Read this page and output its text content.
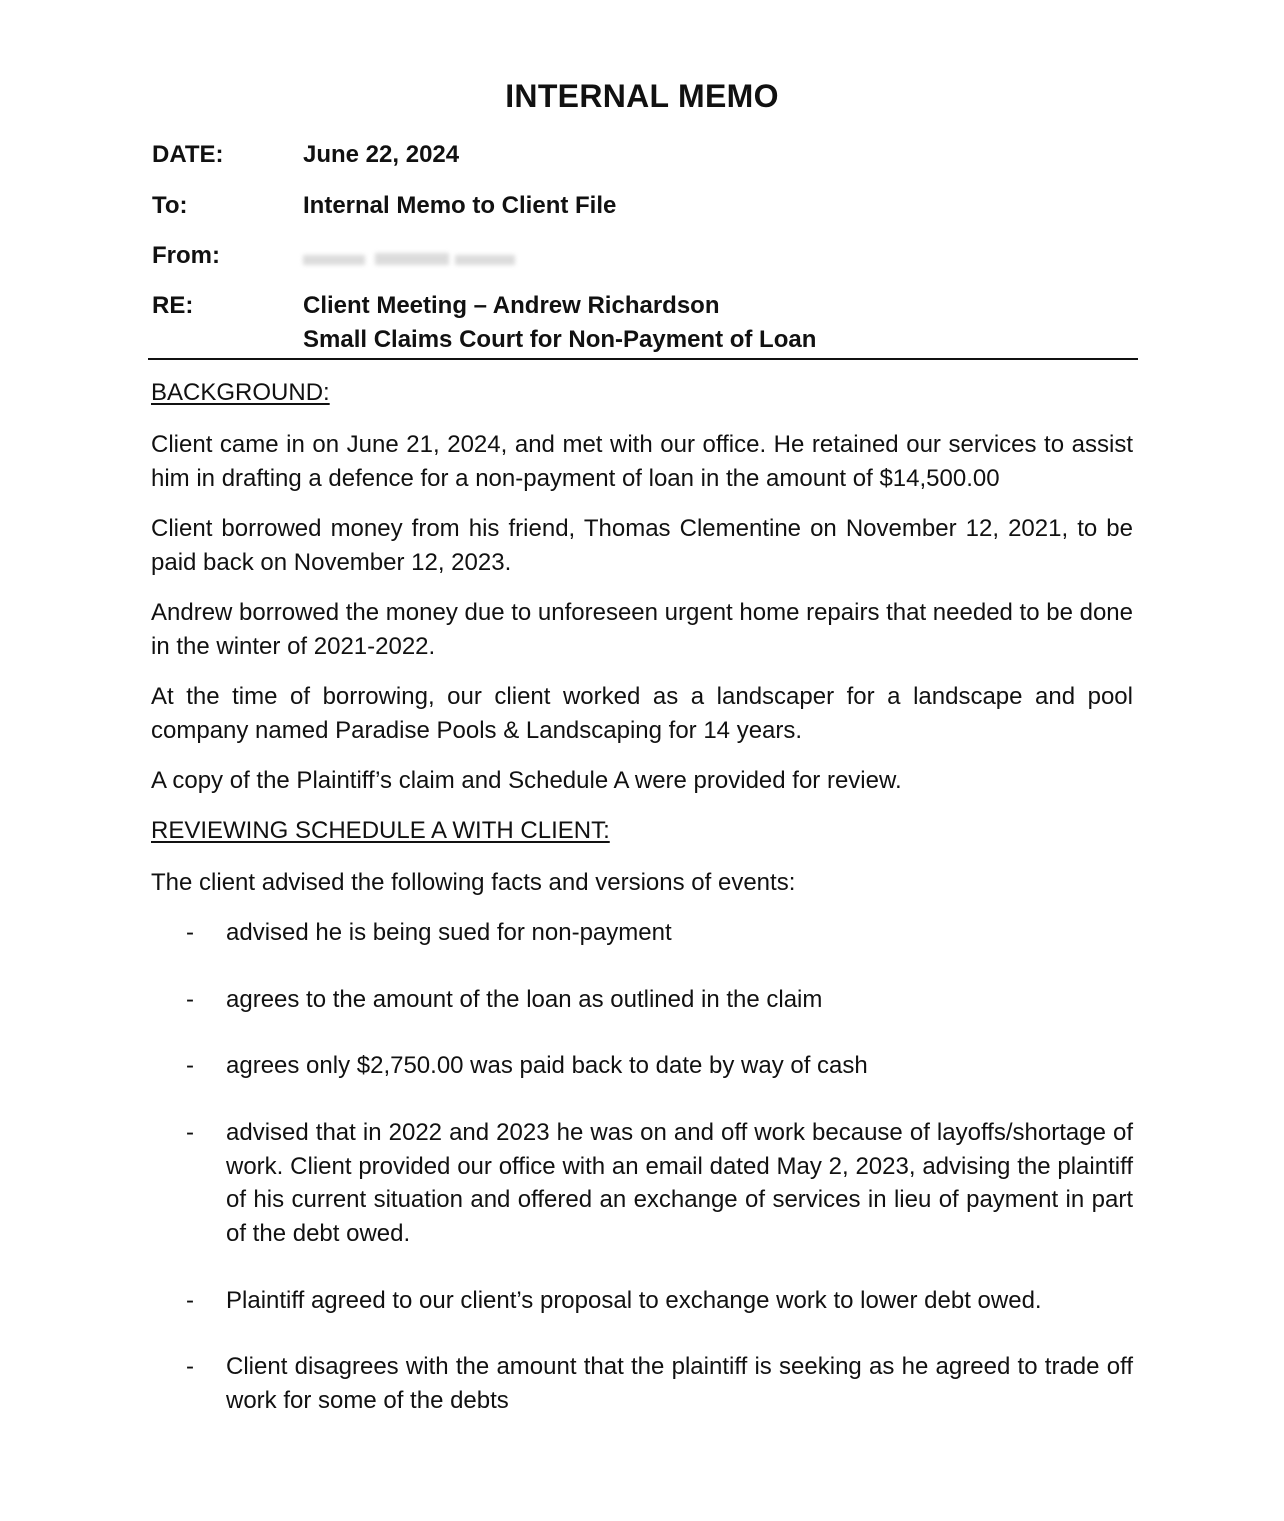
INTERNAL MEMO
DATE:	June 22, 2024
To:	Internal Memo to Client File
From:
RE:	Client Meeting – Andrew Richardson
Small Claims Court for Non-Payment of Loan
BACKGROUND:
Client came in on June 21, 2024, and met with our office. He retained our services to assist him in drafting a defence for a non-payment of loan in the amount of $14,500.00
Client borrowed money from his friend, Thomas Clementine on November 12, 2021, to be paid back on November 12, 2023.
Andrew borrowed the money due to unforeseen urgent home repairs that needed to be done in the winter of 2021-2022.
At the time of borrowing, our client worked as a landscaper for a landscape and pool company named Paradise Pools & Landscaping for 14 years.
A copy of the Plaintiff’s claim and Schedule A were provided for review.
REVIEWING SCHEDULE A WITH CLIENT:
The client advised the following facts and versions of events:
- advised he is being sued for non-payment
- agrees to the amount of the loan as outlined in the claim
- agrees only $2,750.00 was paid back to date by way of cash
- advised that in 2022 and 2023 he was on and off work because of layoffs/shortage of work. Client provided our office with an email dated May 2, 2023, advising the plaintiff of his current situation and offered an exchange of services in lieu of payment in part of the debt owed.
- Plaintiff agreed to our client’s proposal to exchange work to lower debt owed.
- Client disagrees with the amount that the plaintiff is seeking as he agreed to trade off work for some of the debts
